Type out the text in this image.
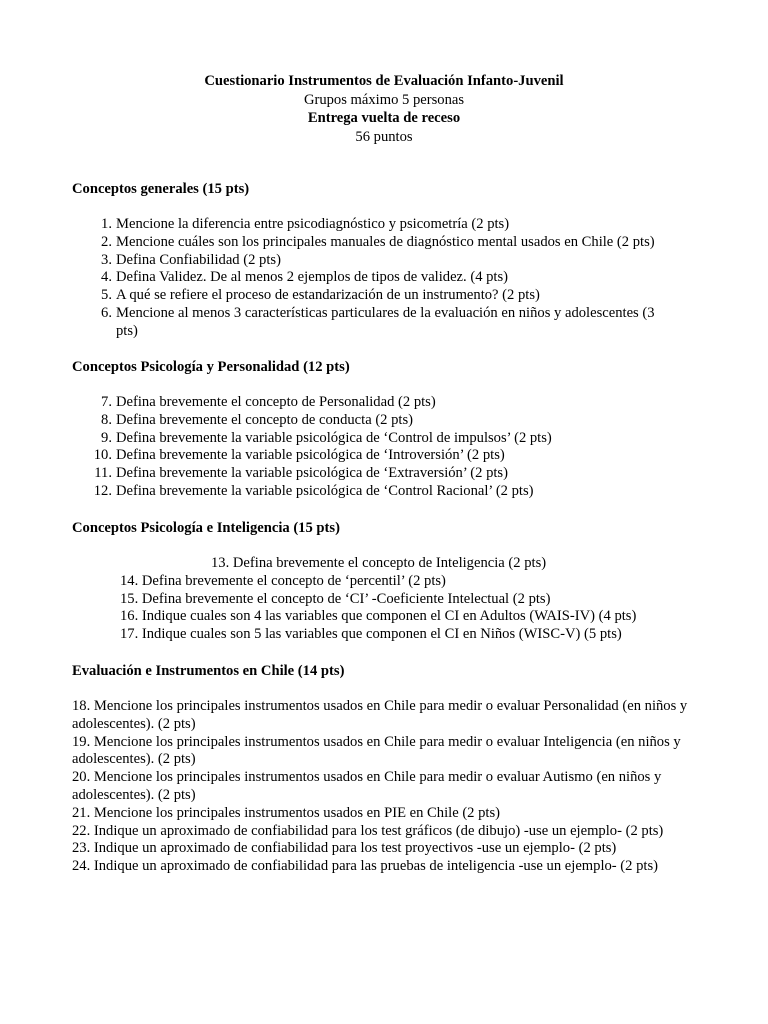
Cuestionario Instrumentos de Evaluación Infanto-Juvenil
Grupos máximo 5 personas
Entrega vuelta de receso
56 puntos
Conceptos generales (15 pts)
1. Mencione la diferencia entre psicodiagnóstico y psicometría (2 pts)
2. Mencione cuáles son los principales manuales de diagnóstico mental usados en Chile (2 pts)
3. Defina Confiabilidad (2 pts)
4. Defina Validez. De al menos 2 ejemplos de tipos de validez. (4 pts)
5. A qué se refiere el proceso de estandarización de un instrumento? (2 pts)
6. Mencione al menos 3 características particulares de la evaluación en niños y adolescentes (3 pts)
Conceptos Psicología y Personalidad (12 pts)
7. Defina brevemente el concepto de Personalidad (2 pts)
8. Defina brevemente el concepto de conducta (2 pts)
9. Defina brevemente la variable psicológica de ‘Control de impulsos’ (2 pts)
10. Defina brevemente la variable psicológica de ‘Introversión’ (2 pts)
11. Defina brevemente la variable psicológica de ‘Extraversión’ (2 pts)
12. Defina brevemente la variable psicológica de ‘Control Racional’ (2 pts)
Conceptos Psicología e Inteligencia (15 pts)
13. Defina brevemente el concepto de Inteligencia (2 pts)
14. Defina brevemente el concepto de ‘percentil’ (2 pts)
15. Defina brevemente el concepto de ‘CI’ -Coeficiente Intelectual (2 pts)
16. Indique cuales son 4 las variables que componen el CI en Adultos (WAIS-IV) (4 pts)
17. Indique cuales son 5 las variables que componen el CI en Niños (WISC-V) (5 pts)
Evaluación e Instrumentos en Chile (14 pts)
18. Mencione los principales instrumentos usados en Chile para medir o evaluar Personalidad (en niños y adolescentes). (2 pts)
19. Mencione los principales instrumentos usados en Chile para medir o evaluar Inteligencia (en niños y adolescentes). (2 pts)
20. Mencione los principales instrumentos usados en Chile para medir o evaluar Autismo (en niños y adolescentes). (2 pts)
21. Mencione los principales instrumentos usados en PIE en Chile (2 pts)
22. Indique un aproximado de confiabilidad para los test gráficos (de dibujo) -use un ejemplo- (2 pts)
23. Indique un aproximado de confiabilidad para los test proyectivos -use un ejemplo- (2 pts)
24. Indique un aproximado de confiabilidad para las pruebas de inteligencia -use un ejemplo- (2 pts)
